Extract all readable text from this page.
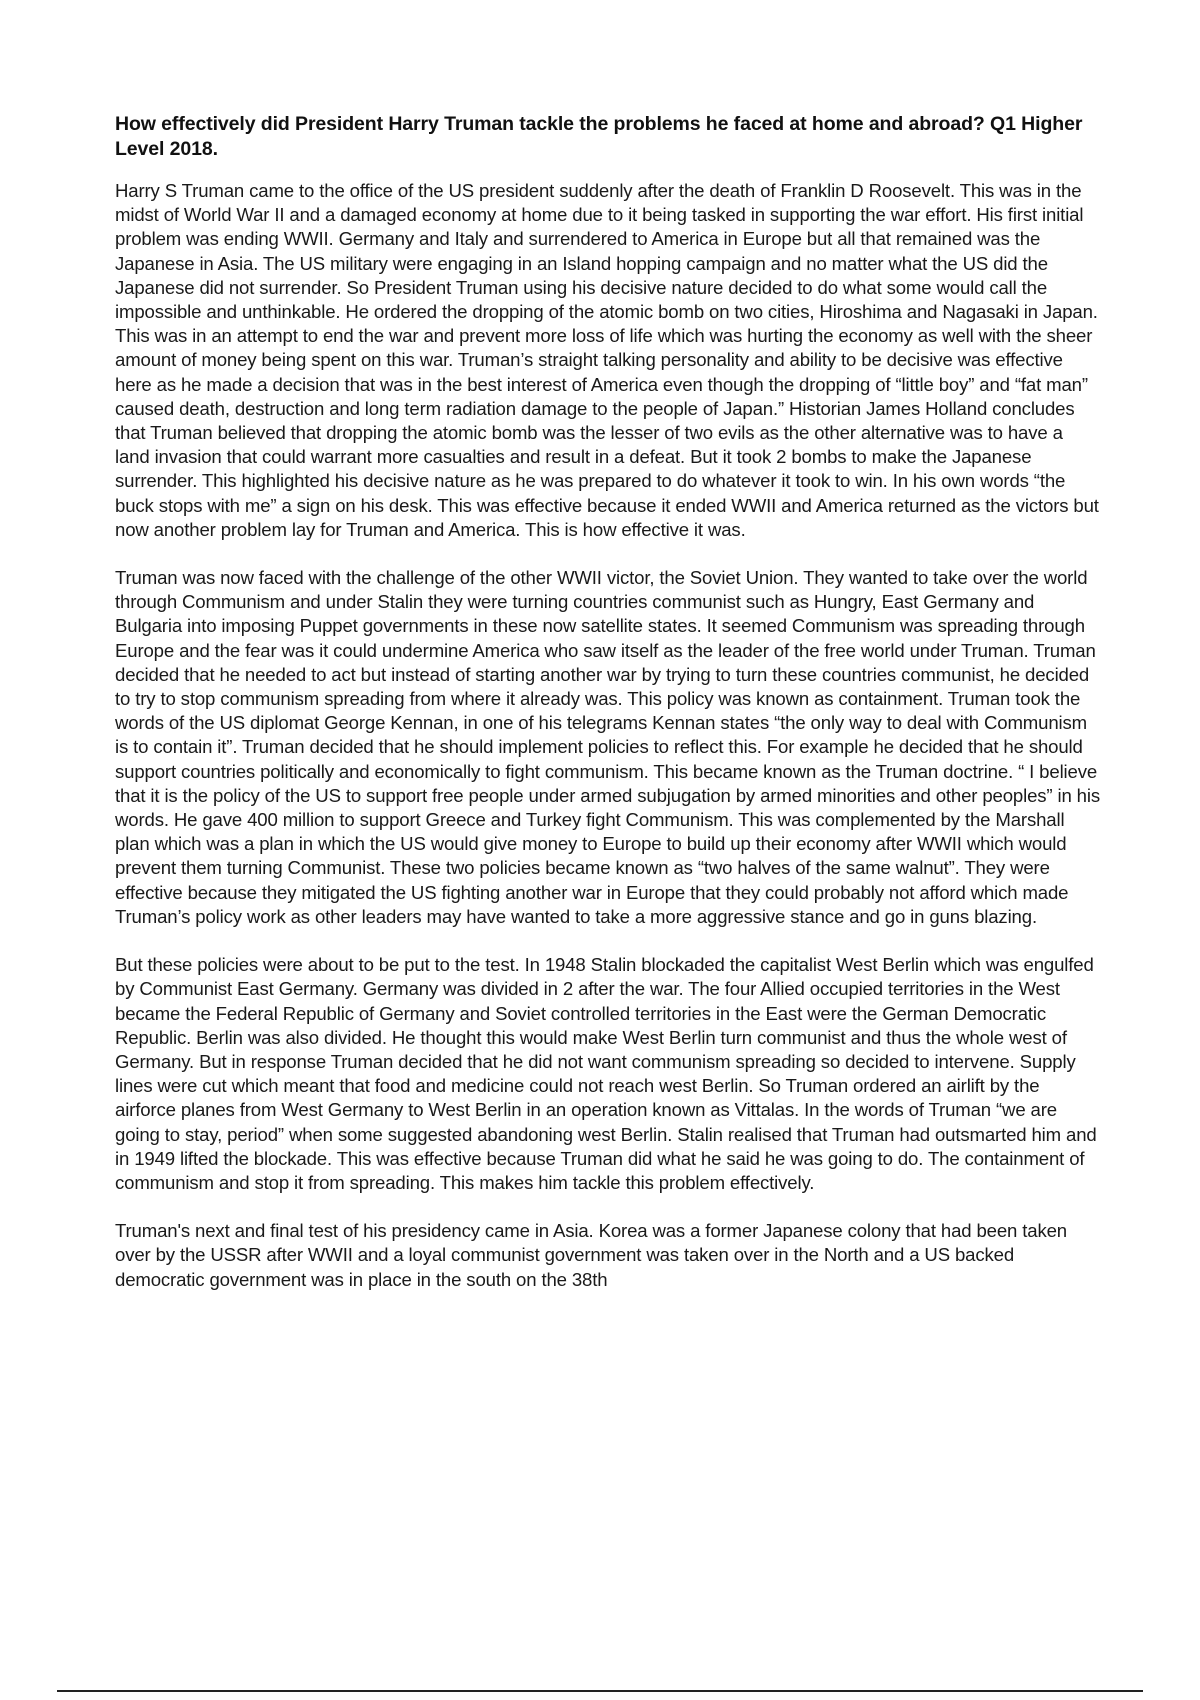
How effectively did President Harry Truman tackle the problems he faced at home and abroad? Q1 Higher Level 2018.

Harry S Truman came to the office of the US president suddenly after the death of Franklin D Roosevelt. This was in the midst of World War II and a damaged economy at home due to it being tasked in supporting the war effort. His first initial problem was ending WWII. Germany and Italy and surrendered to America in Europe but all that remained was the Japanese in Asia. The US military were engaging in an Island hopping campaign and no matter what the US did the Japanese did not surrender. So President Truman using his decisive nature decided to do what some would call the impossible and unthinkable. He ordered the dropping of the atomic bomb on two cities, Hiroshima and Nagasaki in Japan. This was in an attempt to end the war and prevent more loss of life which was hurting the economy as well with the sheer amount of money being spent on this war. Truman’s straight talking personality and ability to be decisive was effective here as he made a decision that was in the best interest of America even though the dropping of “little boy” and “fat man” caused death, destruction and long term radiation damage to the people of Japan.” Historian James Holland concludes that Truman believed that dropping the atomic bomb was the lesser of two evils as the other alternative was to have a land invasion that could warrant more casualties and result in a defeat. But it took 2 bombs to make the Japanese surrender. This highlighted his decisive nature as he was prepared to do whatever it took to win. In his own words “the buck stops with me” a sign on his desk. This was effective because it ended WWII and America returned as the victors but now another problem lay for Truman and America. This is how effective it was.

Truman was now faced with the challenge of the other WWII victor, the Soviet Union. They wanted to take over the world through Communism and under Stalin they were turning countries communist such as Hungry, East Germany and Bulgaria into imposing Puppet governments in these now satellite states. It seemed Communism was spreading through Europe and the fear was it could undermine America who saw itself as the leader of the free world under Truman. Truman decided that he needed to act but instead of starting another war by trying to turn these countries communist, he decided to try to stop communism spreading from where it already was. This policy was known as containment. Truman took the words of the US diplomat George Kennan, in one of his telegrams Kennan states “the only way to deal with Communism is to contain it”. Truman decided that he should implement policies to reflect this. For example he decided that he should support countries politically and economically to fight communism. This became known as the Truman doctrine. “ I believe that it is the policy of the US to support free people under armed subjugation by armed minorities and other peoples” in his words. He gave 400 million to support Greece and Turkey fight Communism. This was complemented by the Marshall plan which was a plan in which the US would give money to Europe to build up their economy after WWII which would prevent them turning Communist. These two policies became known as “two halves of the same walnut”. They were effective because they mitigated the US fighting another war in Europe that they could probably not afford which made Truman’s policy work as other leaders may have wanted to take a more aggressive stance and go in guns blazing.

But these policies were about to be put to the test. In 1948 Stalin blockaded the capitalist West Berlin which was engulfed by Communist East Germany. Germany was divided in 2 after the war. The four Allied occupied territories in the West became the Federal Republic of Germany and Soviet controlled territories in the East were the German Democratic Republic. Berlin was also divided. He thought this would make West Berlin turn communist and thus the whole west of Germany. But in response Truman decided that he did not want communism spreading so decided to intervene. Supply lines were cut which meant that food and medicine could not reach west Berlin. So Truman ordered an airlift by the airforce planes from West Germany to West Berlin in an operation known as Vittalas. In the words of Truman “we are going to stay, period” when some suggested abandoning west Berlin. Stalin realised that Truman had outsmarted him and in 1949 lifted the blockade. This was effective because Truman did what he said he was going to do. The containment of communism and stop it from spreading. This makes him tackle this problem effectively.

Truman's next and final test of his presidency came in Asia. Korea was a former Japanese colony that had been taken over by the USSR after WWII and a loyal communist government was taken over in the North and a US backed democratic government was in place in the south on the 38th
